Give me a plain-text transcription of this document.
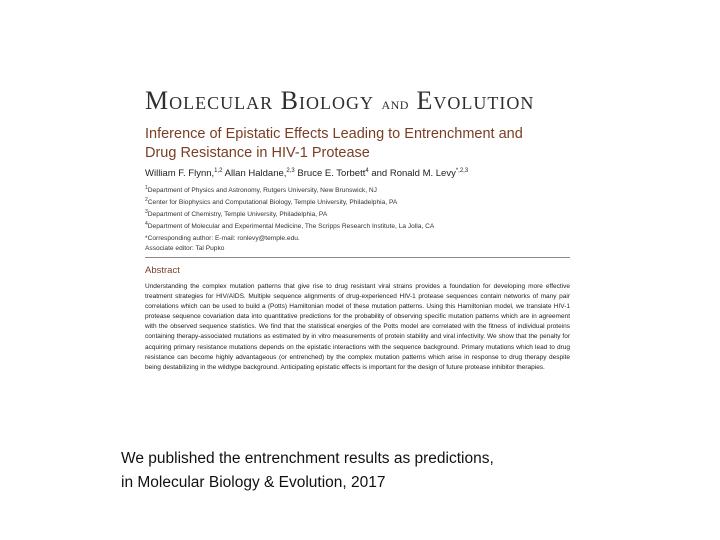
Molecular Biology and Evolution
Inference of Epistatic Effects Leading to Entrenchment and
Drug Resistance in HIV-1 Protease
William F. Flynn,$^{1,2}$ Allan Haldane,$^{2,3}$ Bruce E. Torbett$^4$ and Ronald M. Levy$^{*,2,3}$
$^1$Department of Physics and Astronomy, Rutgers University, New Brunswick, NJ
$^2$Center for Biophysics and Computational Biology, Temple University, Philadelphia, PA
$^3$Department of Chemistry, Temple University, Philadelphia, PA
$^4$Department of Molecular and Experimental Medicine, The Scripps Research Institute, La Jolla, CA
*Corresponding author: E-mail: ronlevy@temple.edu.
Associate editor: Tal Pupko
Abstract
Understanding the complex mutation patterns that give rise to drug resistant viral strains provides a foundation for developing more effective treatment strategies for HIV/AIDS. Multiple sequence alignments of drug-experienced HIV-1 protease sequences contain networks of many pair correlations which can be used to build a (Potts) Hamiltonian model of these mutation patterns. Using this Hamiltonian model, we translate HIV-1 protease sequence covariation data into quantitative predictions for the probability of observing specific mutation patterns which are in agreement with the observed sequence statistics. We find that the statistical energies of the Potts model are correlated with the fitness of individual proteins containing therapy-associated mutations as estimated by in vitro measurements of protein stability and viral infectivity. We show that the penalty for acquiring primary resistance mutations depends on the epistatic interactions with the sequence background. Primary mutations which lead to drug resistance can become highly advantageous (or entrenched) by the complex mutation patterns which arise in response to drug therapy despite being destabilizing in the wildtype background. Anticipating epistatic effects is important for the design of future protease inhibitor therapies.
We published the entrenchment results as predictions,
in Molecular Biology & Evolution, 2017
